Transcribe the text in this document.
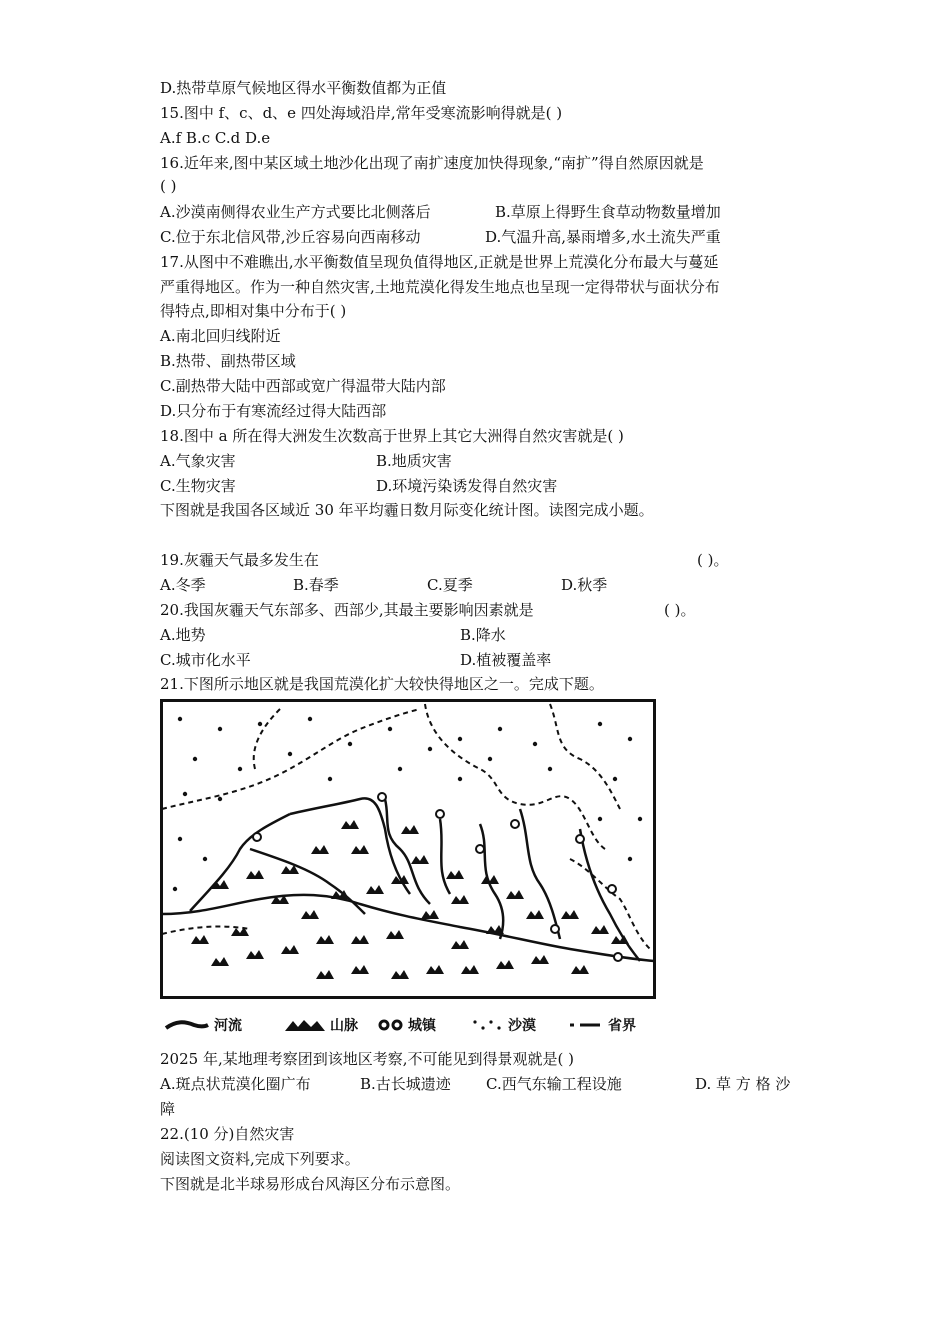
D.热带草原气候地区得水平衡数值都为正值
15.图中 f、c、d、e 四处海域沿岸,常年受寒流影响得就是( )
A.f B.c C.d D.e
16.近年来,图中某区域土地沙化出现了南扩速度加快得现象,“南扩”得自然原因就是
( )
A.沙漠南侧得农业生产方式要比北侧落后	B.草原上得野生食草动物数量增加
C.位于东北信风带,沙丘容易向西南移动	D.气温升高,暴雨增多,水土流失严重
17.从图中不难瞧出,水平衡数值呈现负值得地区,正就是世界上荒漠化分布最大与蔓延
严重得地区。作为一种自然灾害,土地荒漠化得发生地点也呈现一定得带状与面状分布
得特点,即相对集中分布于( )
A.南北回归线附近
B.热带、副热带区域
C.副热带大陆中西部或宽广得温带大陆内部
D.只分布于有寒流经过得大陆西部
18.图中 a 所在得大洲发生次数高于世界上其它大洲得自然灾害就是( )
A.气象灾害	B.地质灾害
C.生物灾害	D.环境污染诱发得自然灾害
下图就是我国各区域近 30 年平均霾日数月际变化统计图。读图完成小题。
19.灰霾天气最多发生在	( )。
A.冬季	B.春季	C.夏季	D.秋季
20.我国灰霾天气东部多、西部少,其最主要影响因素就是	( )。
A.地势	B.降水
C.城市化水平	D.植被覆盖率
21.下图所示地区就是我国荒漠化扩大较快得地区之一。完成下题。
河流	山脉	城镇	沙漠	省界
2025 年,某地理考察团到该地区考察,不可能见到得景观就是( )
A.斑点状荒漠化圈广布	B.古长城遗迹 C.西气东输工程设施	D. 草 方 格 沙
障
22.(10 分)自然灾害
阅读图文资料,完成下列要求。
下图就是北半球易形成台风海区分布示意图。
